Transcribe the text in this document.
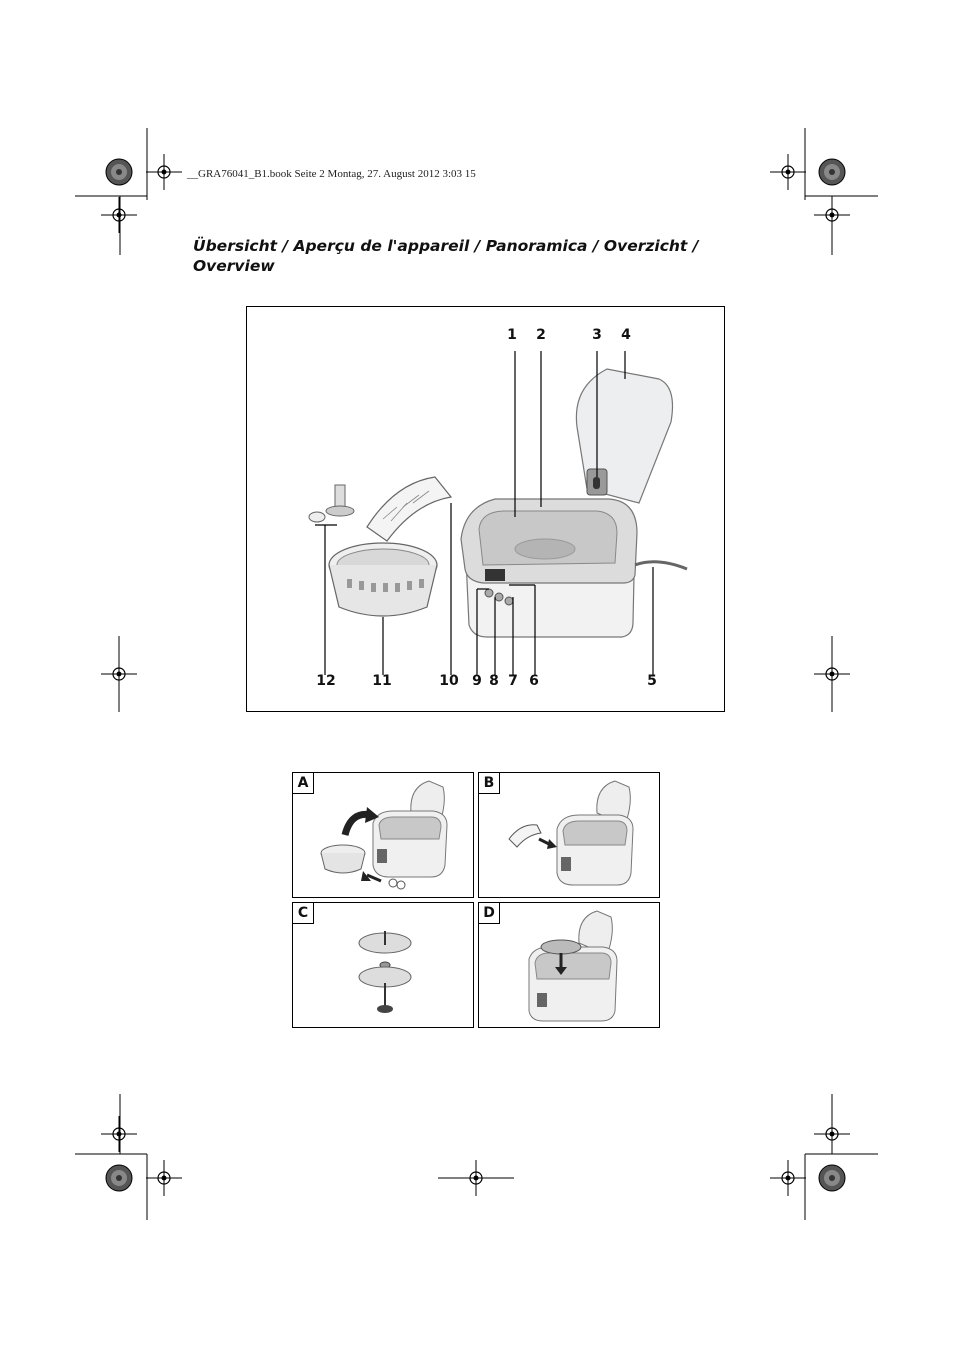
__GRA76041_B1.book Seite 2 Montag, 27. August 2012 3:03 15
Übersicht / Aperçu de l'appareil / Panoramica / Overzicht /
Overview
1 2	3 4
12	11	10 9 8 7 6	5
A	B
C	D
